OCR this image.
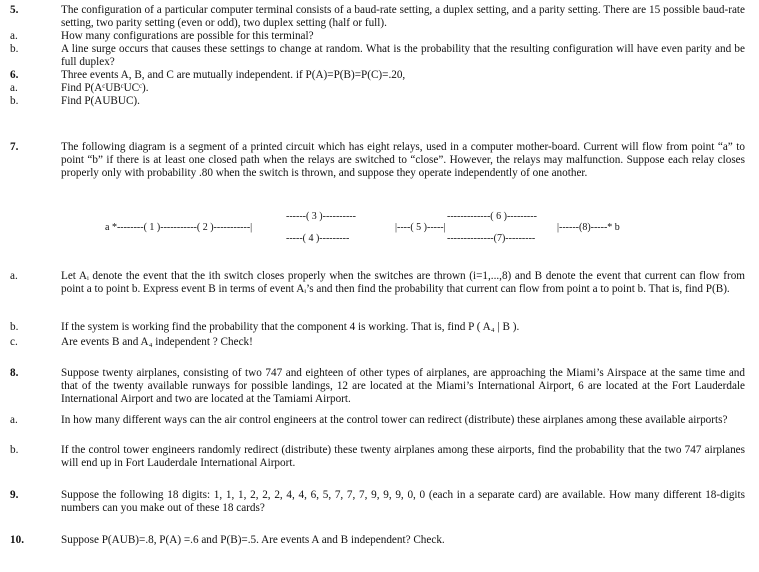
5.	The configuration of a particular computer terminal consists of a baud-rate setting, a duplex setting, and a parity setting. There are 15 possible baud-rate setting, two parity setting (even or odd), two duplex setting (half or full).
a.	How many configurations are possible for this terminal?
b.	A line surge occurs that causes these settings to change at random. What is the probability that the resulting configuration will have even parity and be full duplex?
6.	Three events A, B, and C are mutually independent. if P(A)=P(B)=P(C)=.20,
a.	Find P(AᶜUBᶜUCᶜ).
b.	Find P(AUBUC).
7.	The following diagram is a segment of a printed circuit which has eight relays, used in a computer mother-board. Current will flow from point “a” to point “b” if there is at least one closed path when the relays are switched to “close”. However, the relays may malfunction. Suppose each relay closes properly only with probability .80 when the switch is thrown, and suppose they operate independently of one another.
------( 3 )----------
a *--------( 1 )-----------( 2 )-----------|
-----( 4 )---------
|----( 5 )-----|
-------------( 6 )---------
|------(8)-----* b
--------------(7)---------
a.	Let Aᵢ denote the event that the ith switch closes properly when the switches are thrown (i=1,...,8) and B denote the event that current can flow from point a to point b. Express event B in terms of event Aᵢ’s and then find the probability that current can flow from point a to point b. That is, find P(B).
b.	If the system is working find the probability that the component 4 is working. That is, find P ( A₄ | B ).
c.	Are events B and A₄ independent ? Check!
8.	Suppose twenty airplanes, consisting of two 747 and eighteen of other types of airplanes, are approaching the Miami’s Airspace at the same time and that of the twenty available runways for possible landings, 12 are located at the Miami’s International Airport, 6 are located at the Fort Lauderdale International Airport and two are located at the Tamiami Airport.
a.	In how many different ways can the air control engineers at the control tower can redirect (distribute) these airplanes among these available airports?
b.	If the control tower engineers randomly redirect (distribute) these twenty airplanes among these airports, find the probability that the two 747 airplanes will end up in Fort Lauderdale International Airport.
9.	Suppose the following 18 digits: 1, 1, 1, 2, 2, 2, 4, 4, 6, 5, 7, 7, 7, 9, 9, 9, 0, 0 (each in a separate card) are available. How many different 18-digits numbers can you make out of these 18 cards?
10.	Suppose P(AUB)=.8, P(A) =.6 and P(B)=.5. Are events A and B independent? Check.
